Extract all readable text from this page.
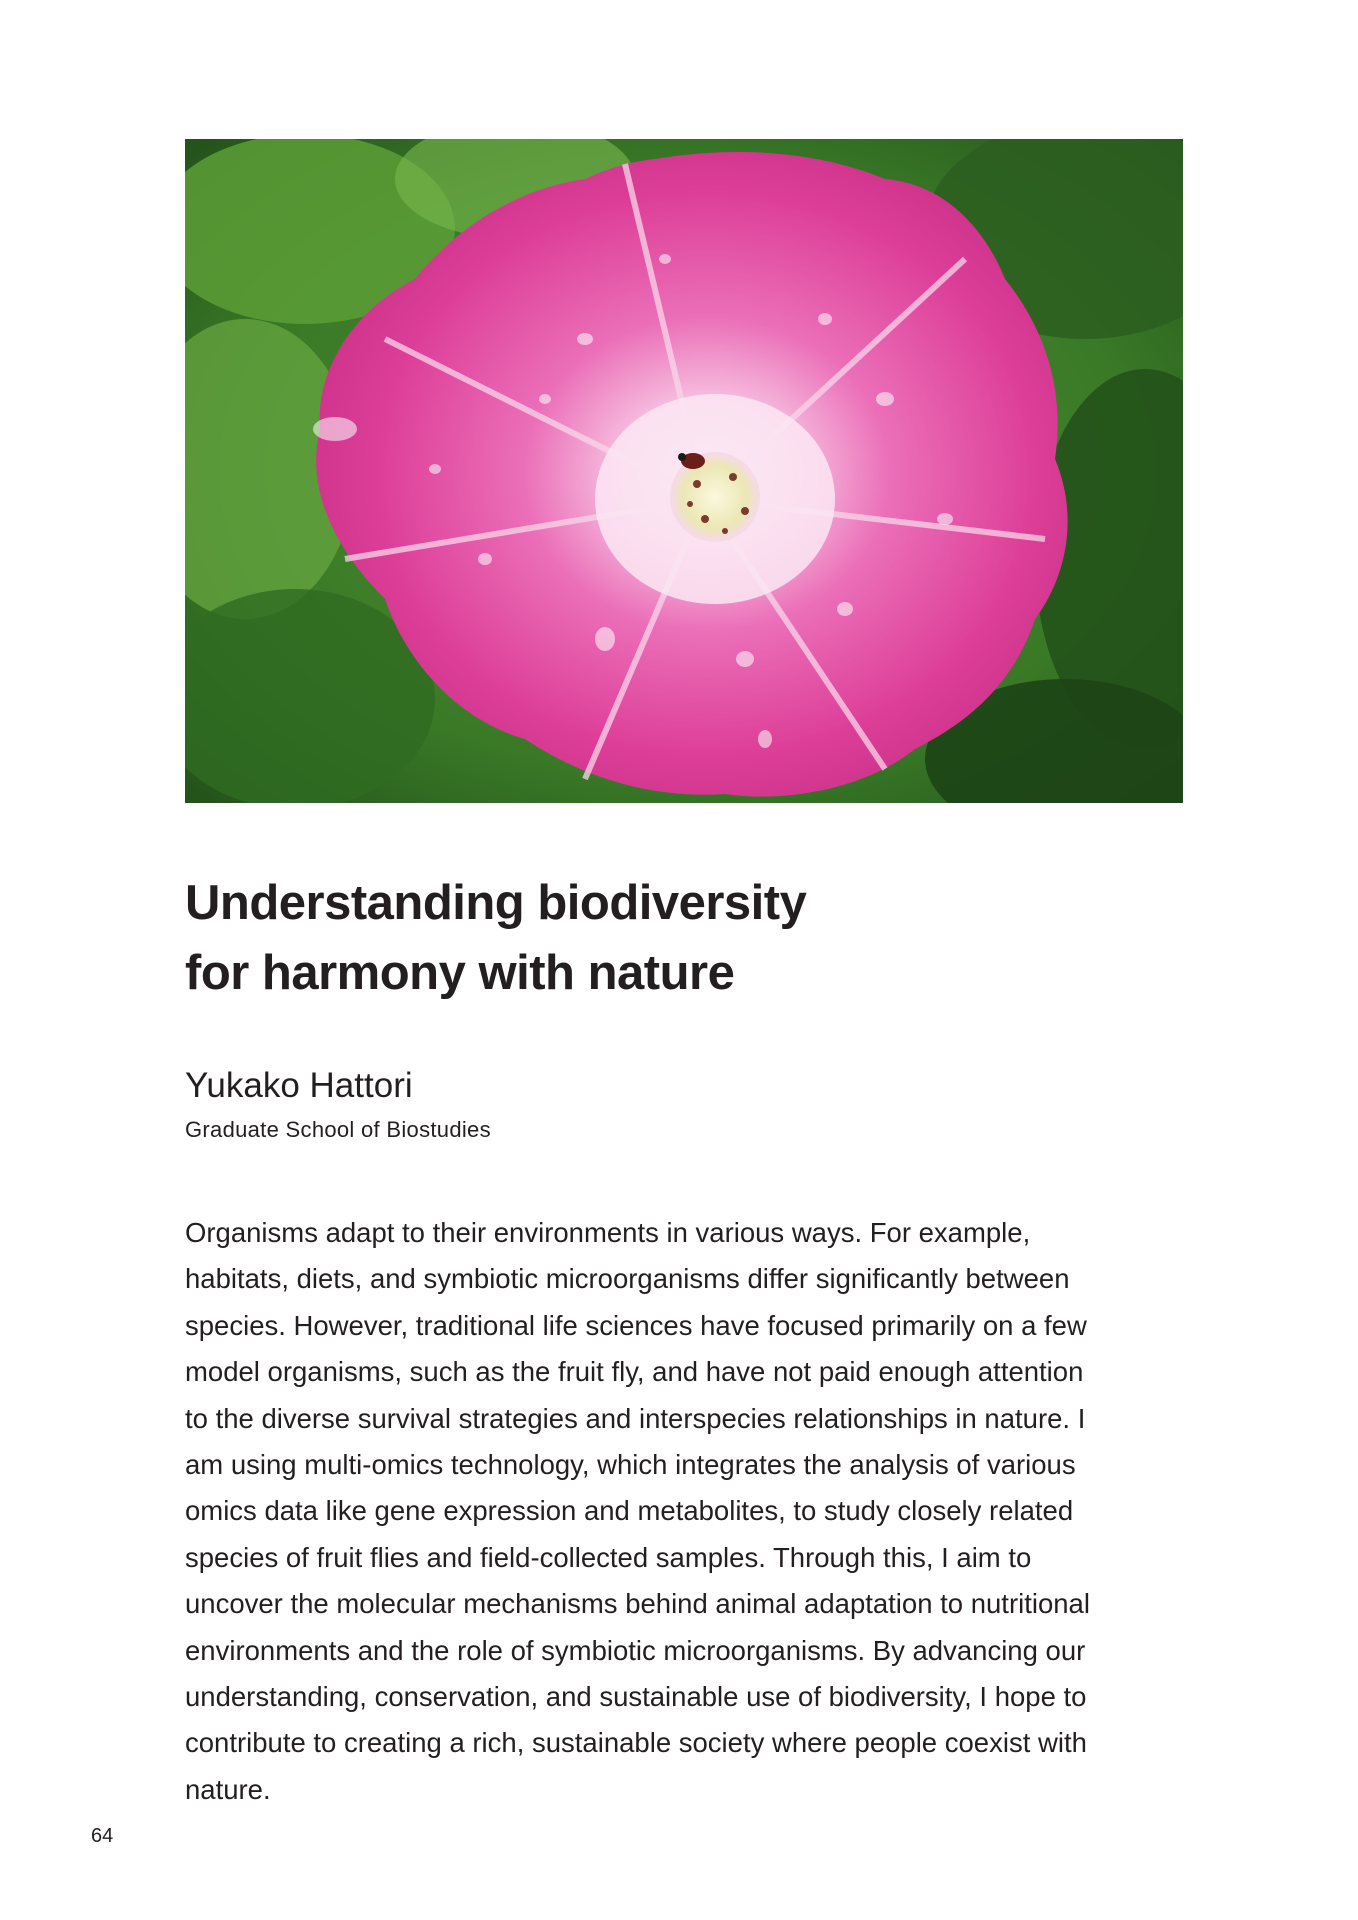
Understanding biodiversity
for harmony with nature

Yukako Hattori

Graduate School of Biostudies

Organisms adapt to their environments in various ways. For example,
habitats, diets, and symbiotic microorganisms differ significantly between
species. However, traditional life sciences have focused primarily on a few
model organisms, such as the fruit fly, and have not paid enough attention
to the diverse survival strategies and interspecies relationships in nature. I
am using multi-omics technology, which integrates the analysis of various
omics data like gene expression and metabolites, to study closely related
species of fruit flies and field-collected samples. Through this, I aim to
uncover the molecular mechanisms behind animal adaptation to nutritional
environments and the role of symbiotic microorganisms. By advancing our
understanding, conservation, and sustainable use of biodiversity, I hope to
contribute to creating a rich, sustainable society where people coexist with
nature.

64
